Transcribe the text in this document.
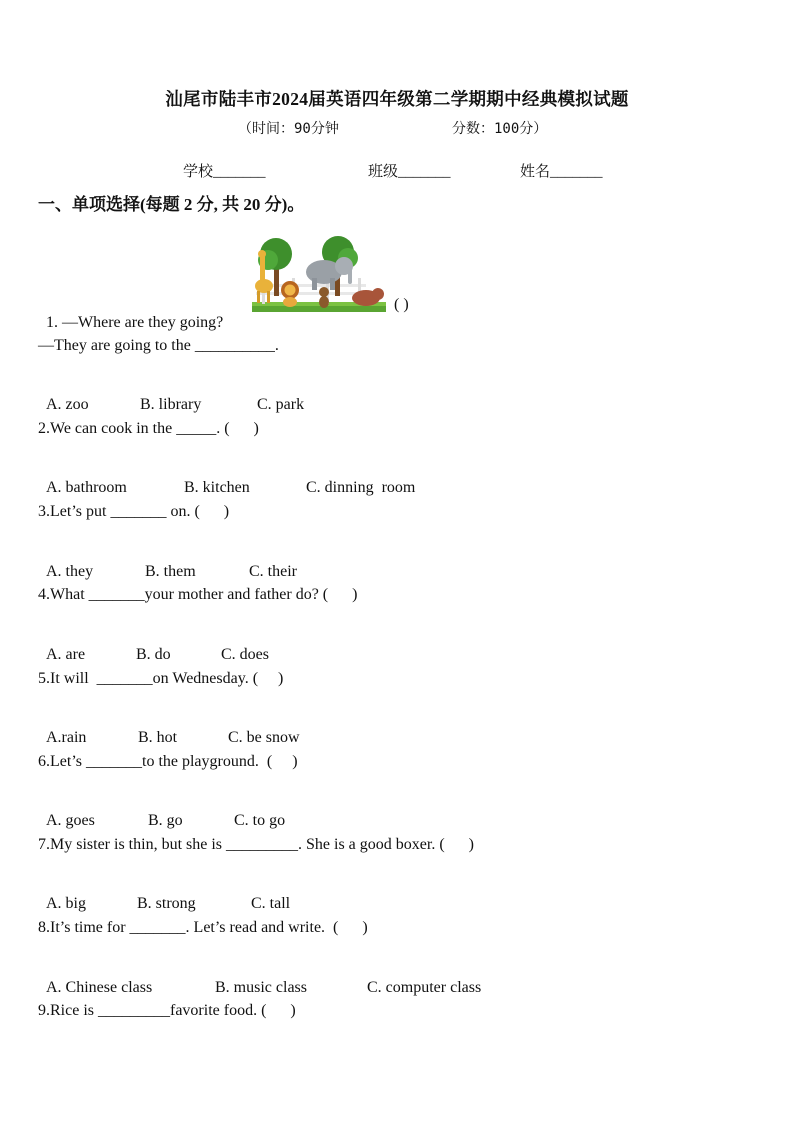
汕尾市陆丰市2024届英语四年级第二学期期中经典模拟试题
（时间：90分钟	分数：100分）
学校_______	班级_______	姓名_______
一、单项选择(每题 2 分, 共 20 分)。

1. —Where are they going?

( )
—They are going to the __________.

A. zoo	B. library	C. park

2.We can cook in the _____. (      )

A. bathroom	B. kitchen	C. dinning  room

3.Let’s put _______ on. (      )

A. they	B. them	C. their

4.What _______your mother and father do? (      )

A. are	B. do	C. does

5.It will  _______on Wednesday. (     )

A.rain	B. hot	C. be snow

6.Let’s _______to the playground.  (     )

A. goes	B. go	C. to go

7.My sister is thin, but she is _________. She is a good boxer. (      )

A. big	B. strong	C. tall

8.It’s time for _______. Let’s read and write.  (      )

A. Chinese class	B. music class	C. computer class

9.Rice is _________favorite food. (      )
